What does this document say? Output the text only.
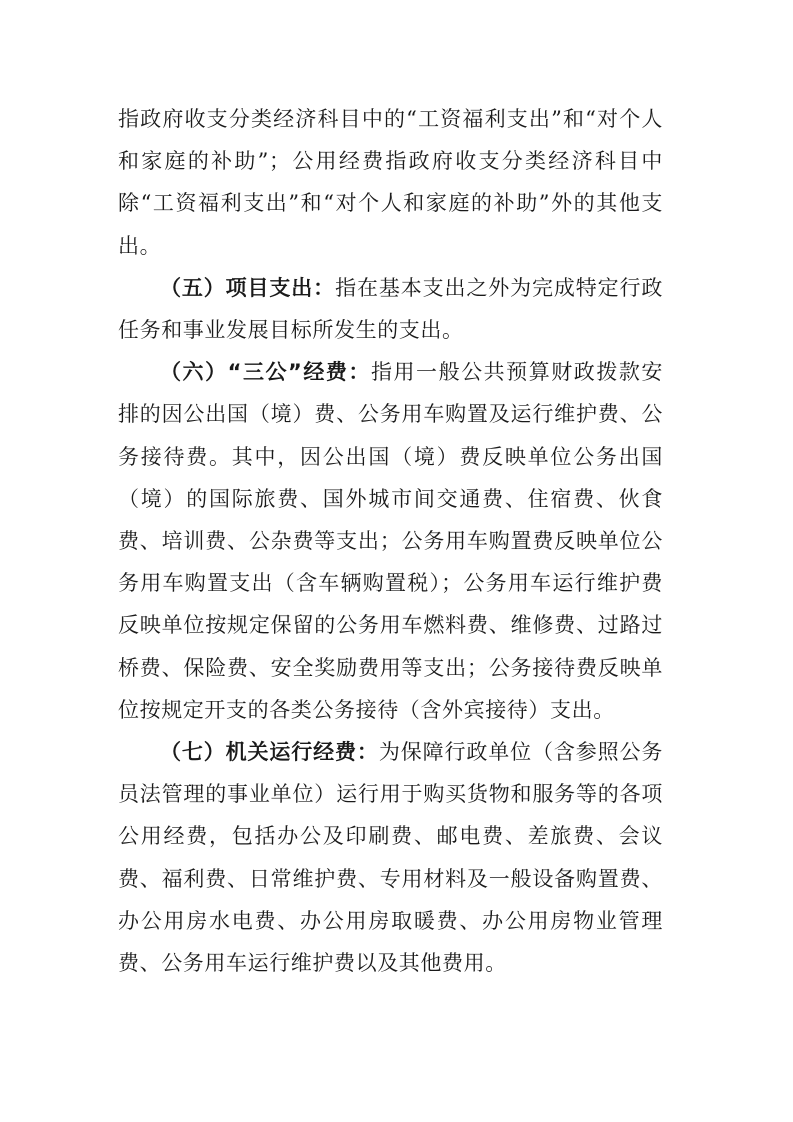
指政府收支分类经济科目中的“工资福利支出”和“对个人和家庭的补助”；公用经费指政府收支分类经济科目中除“工资福利支出”和“对个人和家庭的补助”外的其他支出。

（五）项目支出：指在基本支出之外为完成特定行政任务和事业发展目标所发生的支出。

（六）“三公”经费：指用一般公共预算财政拨款安排的因公出国（境）费、公务用车购置及运行维护费、公务接待费。其中，因公出国（境）费反映单位公务出国（境）的国际旅费、国外城市间交通费、住宿费、伙食费、培训费、公杂费等支出；公务用车购置费反映单位公务用车购置支出（含车辆购置税）；公务用车运行维护费反映单位按规定保留的公务用车燃料费、维修费、过路过桥费、保险费、安全奖励费用等支出；公务接待费反映单位按规定开支的各类公务接待（含外宾接待）支出。

（七）机关运行经费：为保障行政单位（含参照公务员法管理的事业单位）运行用于购买货物和服务等的各项公用经费，包括办公及印刷费、邮电费、差旅费、会议费、福利费、日常维护费、专用材料及一般设备购置费、办公用房水电费、办公用房取暖费、办公用房物业管理费、公务用车运行维护费以及其他费用。
